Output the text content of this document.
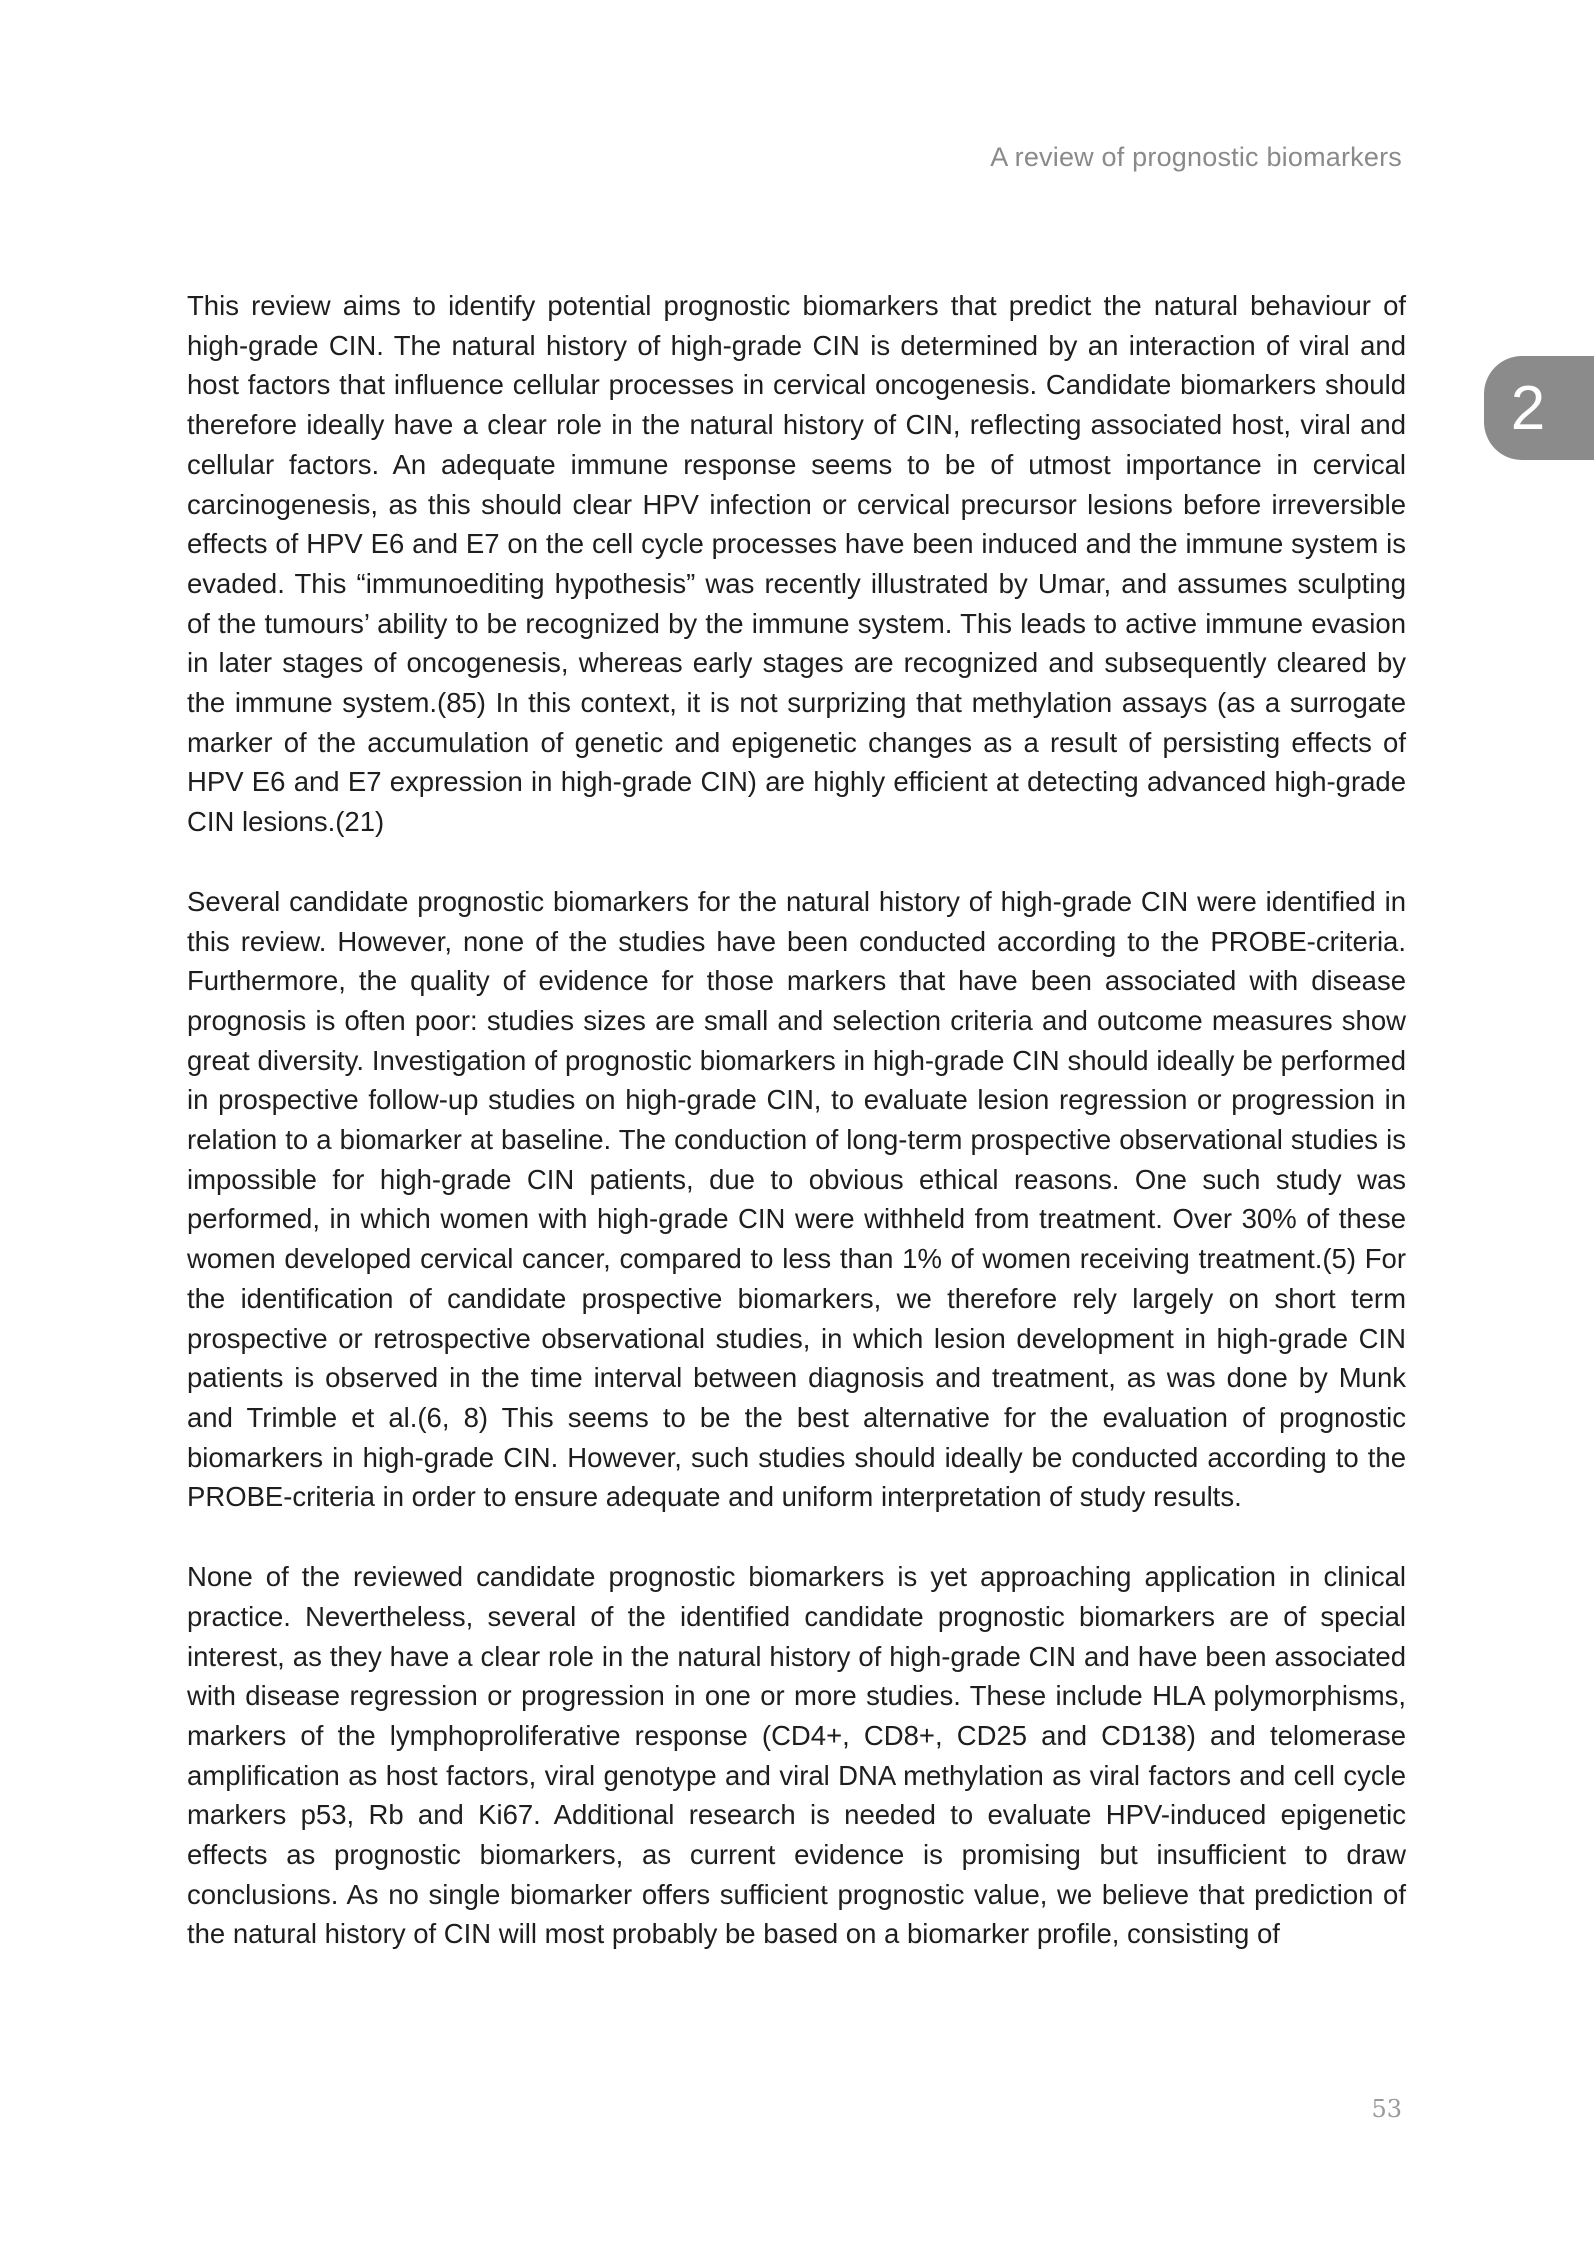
A review of prognostic biomarkers
2

This review aims to identify potential prognostic biomarkers that predict the natural behaviour of high-grade CIN. The natural history of high-grade CIN is determined by an interaction of viral and host factors that influence cellular processes in cervical oncogenesis. Candidate biomarkers should therefore ideally have a clear role in the natural history of CIN, reflecting associated host, viral and cellular factors. An adequate immune response seems to be of utmost importance in cervical carcinogenesis, as this should clear HPV infection or cervical precursor lesions before irreversible effects of HPV E6 and E7 on the cell cycle processes have been induced and the immune system is evaded. This “immunoediting hypothesis” was recently illustrated by Umar, and assumes sculpting of the tumours’ ability to be recognized by the immune system. This leads to active immune evasion in later stages of oncogenesis, whereas early stages are recognized and subsequently cleared by the immune system.(85) In this context, it is not surprizing that methylation assays (as a surrogate marker of the accumulation of genetic and epigenetic changes as a result of persisting effects of HPV E6 and E7 expression in high-grade CIN) are highly efficient at detecting advanced high-grade CIN lesions.(21)

Several candidate prognostic biomarkers for the natural history of high-grade CIN were identified in this review. However, none of the studies have been conducted according to the PROBE-criteria. Furthermore, the quality of evidence for those markers that have been associated with disease prognosis is often poor: studies sizes are small and selection criteria and outcome measures show great diversity. Investigation of prognostic biomarkers in high-grade CIN should ideally be performed in prospective follow-up studies on high-grade CIN, to evaluate lesion regression or progression in relation to a biomarker at baseline. The conduction of long-term prospective observational studies is impossible for high-grade CIN patients, due to obvious ethical reasons. One such study was performed, in which women with high-grade CIN were withheld from treatment. Over 30% of these women developed cervical cancer, compared to less than 1% of women receiving treatment.(5) For the identification of candidate prospective biomarkers, we therefore rely largely on short term prospective or retrospective observational studies, in which lesion development in high-grade CIN patients is observed in the time interval between diagnosis and treatment, as was done by Munk and Trimble et al.(6, 8) This seems to be the best alternative for the evaluation of prognostic biomarkers in high-grade CIN. However, such studies should ideally be conducted according to the PROBE-criteria in order to ensure adequate and uniform interpretation of study results.

None of the reviewed candidate prognostic biomarkers is yet approaching application in clinical practice. Nevertheless, several of the identified candidate prognostic biomarkers are of special interest, as they have a clear role in the natural history of high-grade CIN and have been associated with disease regression or progression in one or more studies. These include HLA polymorphisms, markers of the lymphoproliferative response (CD4+, CD8+, CD25 and CD138) and telomerase amplification as host factors, viral genotype and viral DNA methylation as viral factors and cell cycle markers p53, Rb and Ki67. Additional research is needed to evaluate HPV-induced epigenetic effects as prognostic biomarkers, as current evidence is promising but insufficient to draw conclusions. As no single biomarker offers sufficient prognostic value, we believe that prediction of the natural history of CIN will most probably be based on a biomarker profile, consisting of

53
